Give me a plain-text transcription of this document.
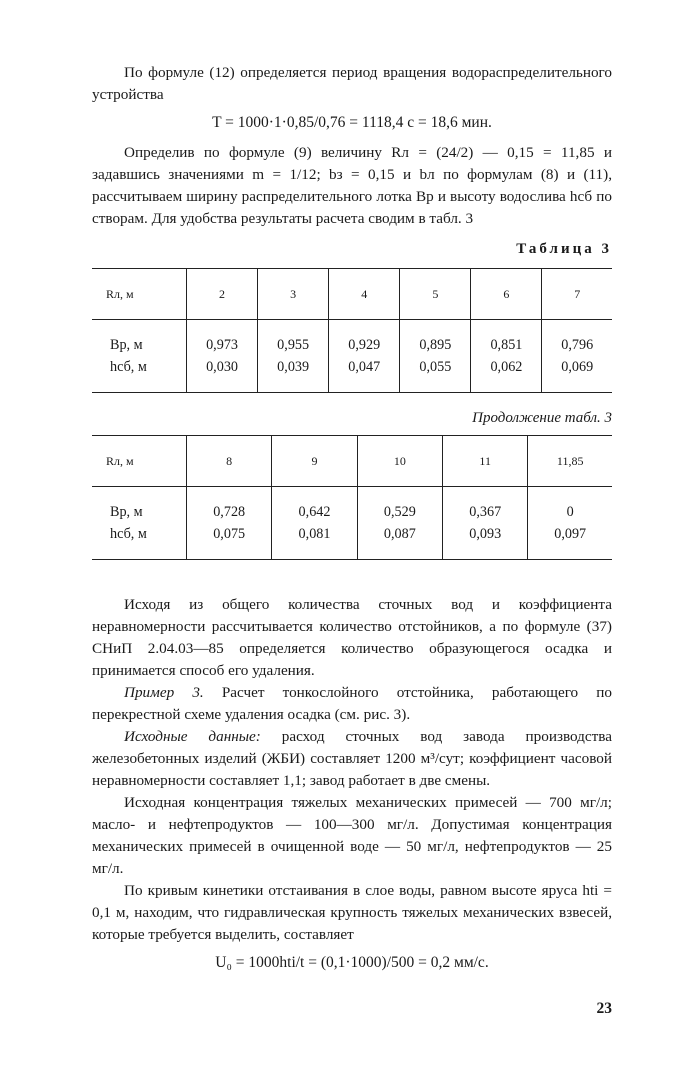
По формуле (12) определяется период вращения водораспределительного устройства

T = 1000·1·0,85/0,76 = 1118,4 с = 18,6 мин.

Определив по формуле (9) величину Rл = (24/2) — 0,15 = 11,85 и задавшись значениями m = 1/12; bз = 0,15 и bл по формулам (8) и (11), рассчитываем ширину распределительного лотка Вр и высоту водослива hсб по створам. Для удобства результаты расчета сводим в табл. 3

Таблица 3
Rл, м	2	3	4	5	6	7
Вр, м	0,973	0,955	0,929	0,895	0,851	0,796
hсб, м	0,030	0,039	0,047	0,055	0,062	0,069
Продолжение табл. 3
Rл, м	8	9	10	11	11,85
Вр, м	0,728	0,642	0,529	0,367	0
hсб, м	0,075	0,081	0,087	0,093	0,097

Исходя из общего количества сточных вод и коэффициента неравномерности рассчитывается количество отстойников, а по формуле (37) СНиП 2.04.03—85 определяется количество образующегося осадка и принимается способ его удаления.

Пример 3. Расчет тонкослойного отстойника, работающего по перекрестной схеме удаления осадка (см. рис. 3).

Исходные данные: расход сточных вод завода производства железобетонных изделий (ЖБИ) составляет 1200 м³/сут; коэффициент часовой неравномерности составляет 1,1; завод работает в две смены.

Исходная концентрация тяжелых механических примесей — 700 мг/л; масло- и нефтепродуктов — 100—300 мг/л. Допустимая концентрация механических примесей в очищенной воде — 50 мг/л, нефтепродуктов — 25 мг/л.

По кривым кинетики отстаивания в слое воды, равном высоте яруса hti = 0,1 м, находим, что гидравлическая крупность тяжелых механических взвесей, которые требуется выделить, составляет

U₀ = 1000hti/t = (0,1·1000)/500 = 0,2 мм/с.
23
